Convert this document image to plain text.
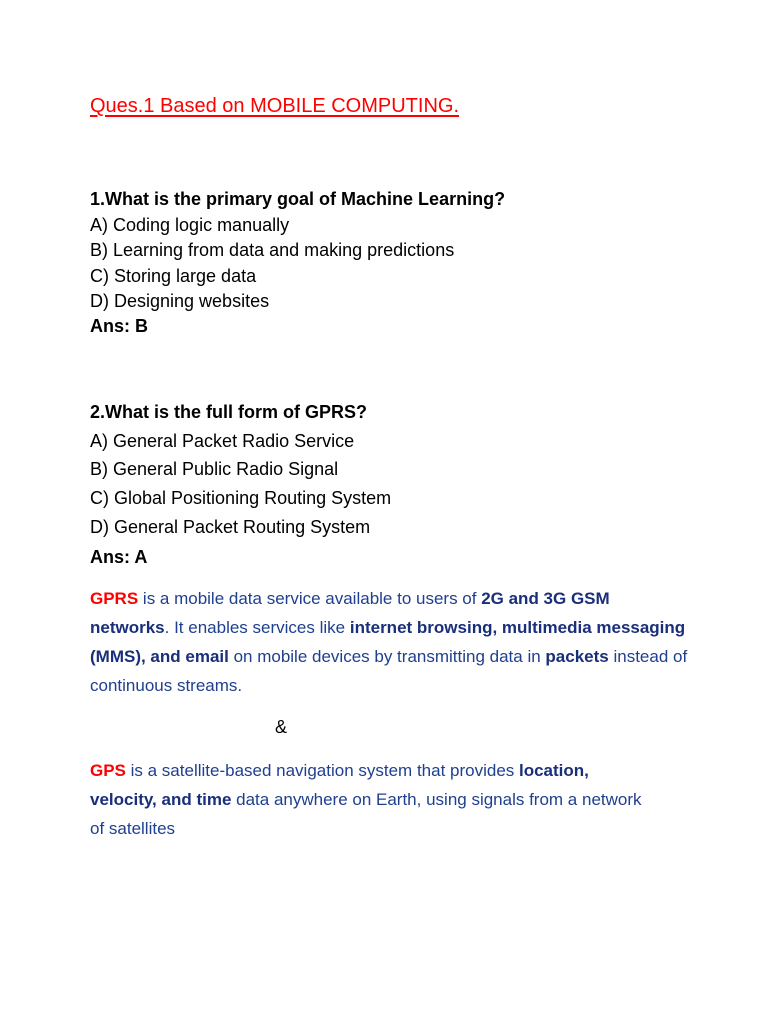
Ques.1 Based on MOBILE COMPUTING.
1.What is the primary goal of Machine Learning?
A) Coding logic manually
B) Learning from data and making predictions
C) Storing large data
D) Designing websites
Ans: B
2.What is the full form of GPRS?
A) General Packet Radio Service
B) General Public Radio Signal
C) Global Positioning Routing System
D) General Packet Routing System
Ans: A
GPRS is a mobile data service available to users of 2G and 3G GSM networks. It enables services like internet browsing, multimedia messaging (MMS), and email on mobile devices by transmitting data in packets instead of continuous streams.
&
GPS is a satellite-based navigation system that provides location, velocity, and time data anywhere on Earth, using signals from a network of satellites
